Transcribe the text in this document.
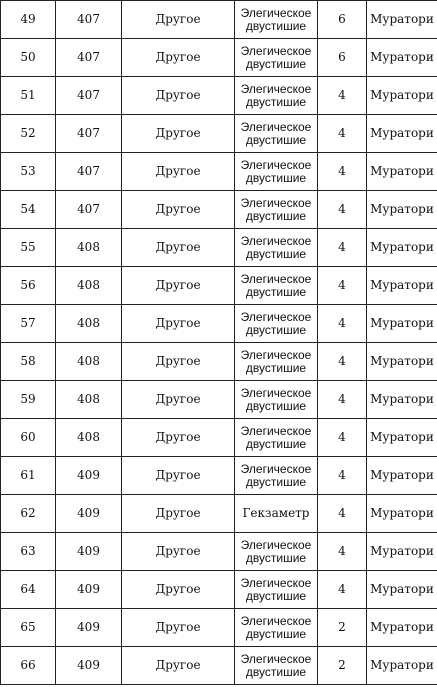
49	407	Другое	Элегическое двустишие	6	Муратори
50	407	Другое	Элегическое двустишие	6	Муратори
51	407	Другое	Элегическое двустишие	4	Муратори
52	407	Другое	Элегическое двустишие	4	Муратори
53	407	Другое	Элегическое двустишие	4	Муратори
54	407	Другое	Элегическое двустишие	4	Муратори
55	408	Другое	Элегическое двустишие	4	Муратори
56	408	Другое	Элегическое двустишие	4	Муратори
57	408	Другое	Элегическое двустишие	4	Муратори
58	408	Другое	Элегическое двустишие	4	Муратори
59	408	Другое	Элегическое двустишие	4	Муратори
60	408	Другое	Элегическое двустишие	4	Муратори
61	409	Другое	Элегическое двустишие	4	Муратори
62	409	Другое	Гекзаметр	4	Муратори
63	409	Другое	Элегическое двустишие	4	Муратори
64	409	Другое	Элегическое двустишие	4	Муратори
65	409	Другое	Элегическое двустишие	2	Муратори
66	409	Другое	Элегическое двустишие	2	Муратори
